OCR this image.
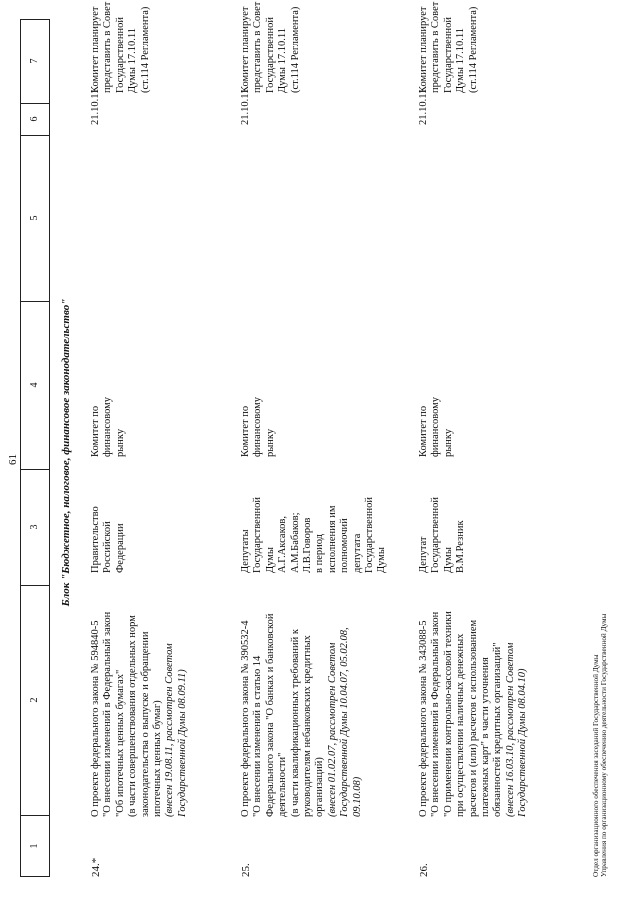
61
1
2
3
4
5
6
7
Блок "Бюджетное, налоговое, финансовое законодательство"
24.*
О проекте федерального закона № 594840-5 "О внесении изменений в Федеральный закон "Об ипотечных ценных бумагах" (в части совершенствования отдельных норм законодательства о выпуске и обращении ипотечных ценных бумаг) (внесен 19.08.11, рассмотрен Советом Государственной Думы 08.09.11)
Правительство Российской Федерации
Комитет по финансовому рынку
21.10.11
Комитет планирует представить в Совет Государственной Думы 17.10.11 (ст.114 Регламента)
25.
О проекте федерального закона № 390532-4 "О внесении изменений в статью 14 Федерального закона "О банках и банковской деятельности" (в части квалификационных требований к руководителям небанковских кредитных организаций) (внесен 01.02.07, рассмотрен Советом Государственной Думы 10.04.07, 05.02.08, 09.10.08)
Депутаты Государственной Думы А.Г.Аксаков, А.М.Бабаков; Л.В.Говоров в период исполнения им полномочий депутата Государственной Думы
Комитет по финансовому рынку
21.10.11
Комитет планирует представить в Совет Государственной Думы 17.10.11 (ст.114 Регламента)
26.
О проекте федерального закона № 343088-5 "О внесении изменений в Федеральный закон "О применении контрольно-кассовой техники при осуществлении наличных денежных расчетов и (или) расчетов с использованием платежных карт" в части уточнения обязанностей кредитных организаций" (внесен 16.03.10, рассмотрен Советом Государственной Думы 08.04.10)
Депутат Государственной Думы В.М.Резник
Комитет по финансовому рынку
21.10.11
Комитет планирует представить в Совет Государственной Думы 17.10.11 (ст.114 Регламента)
Отдел организационного обеспечения заседаний Государственной Думы Управления по организационному обеспечению деятельности Государственной Думы
